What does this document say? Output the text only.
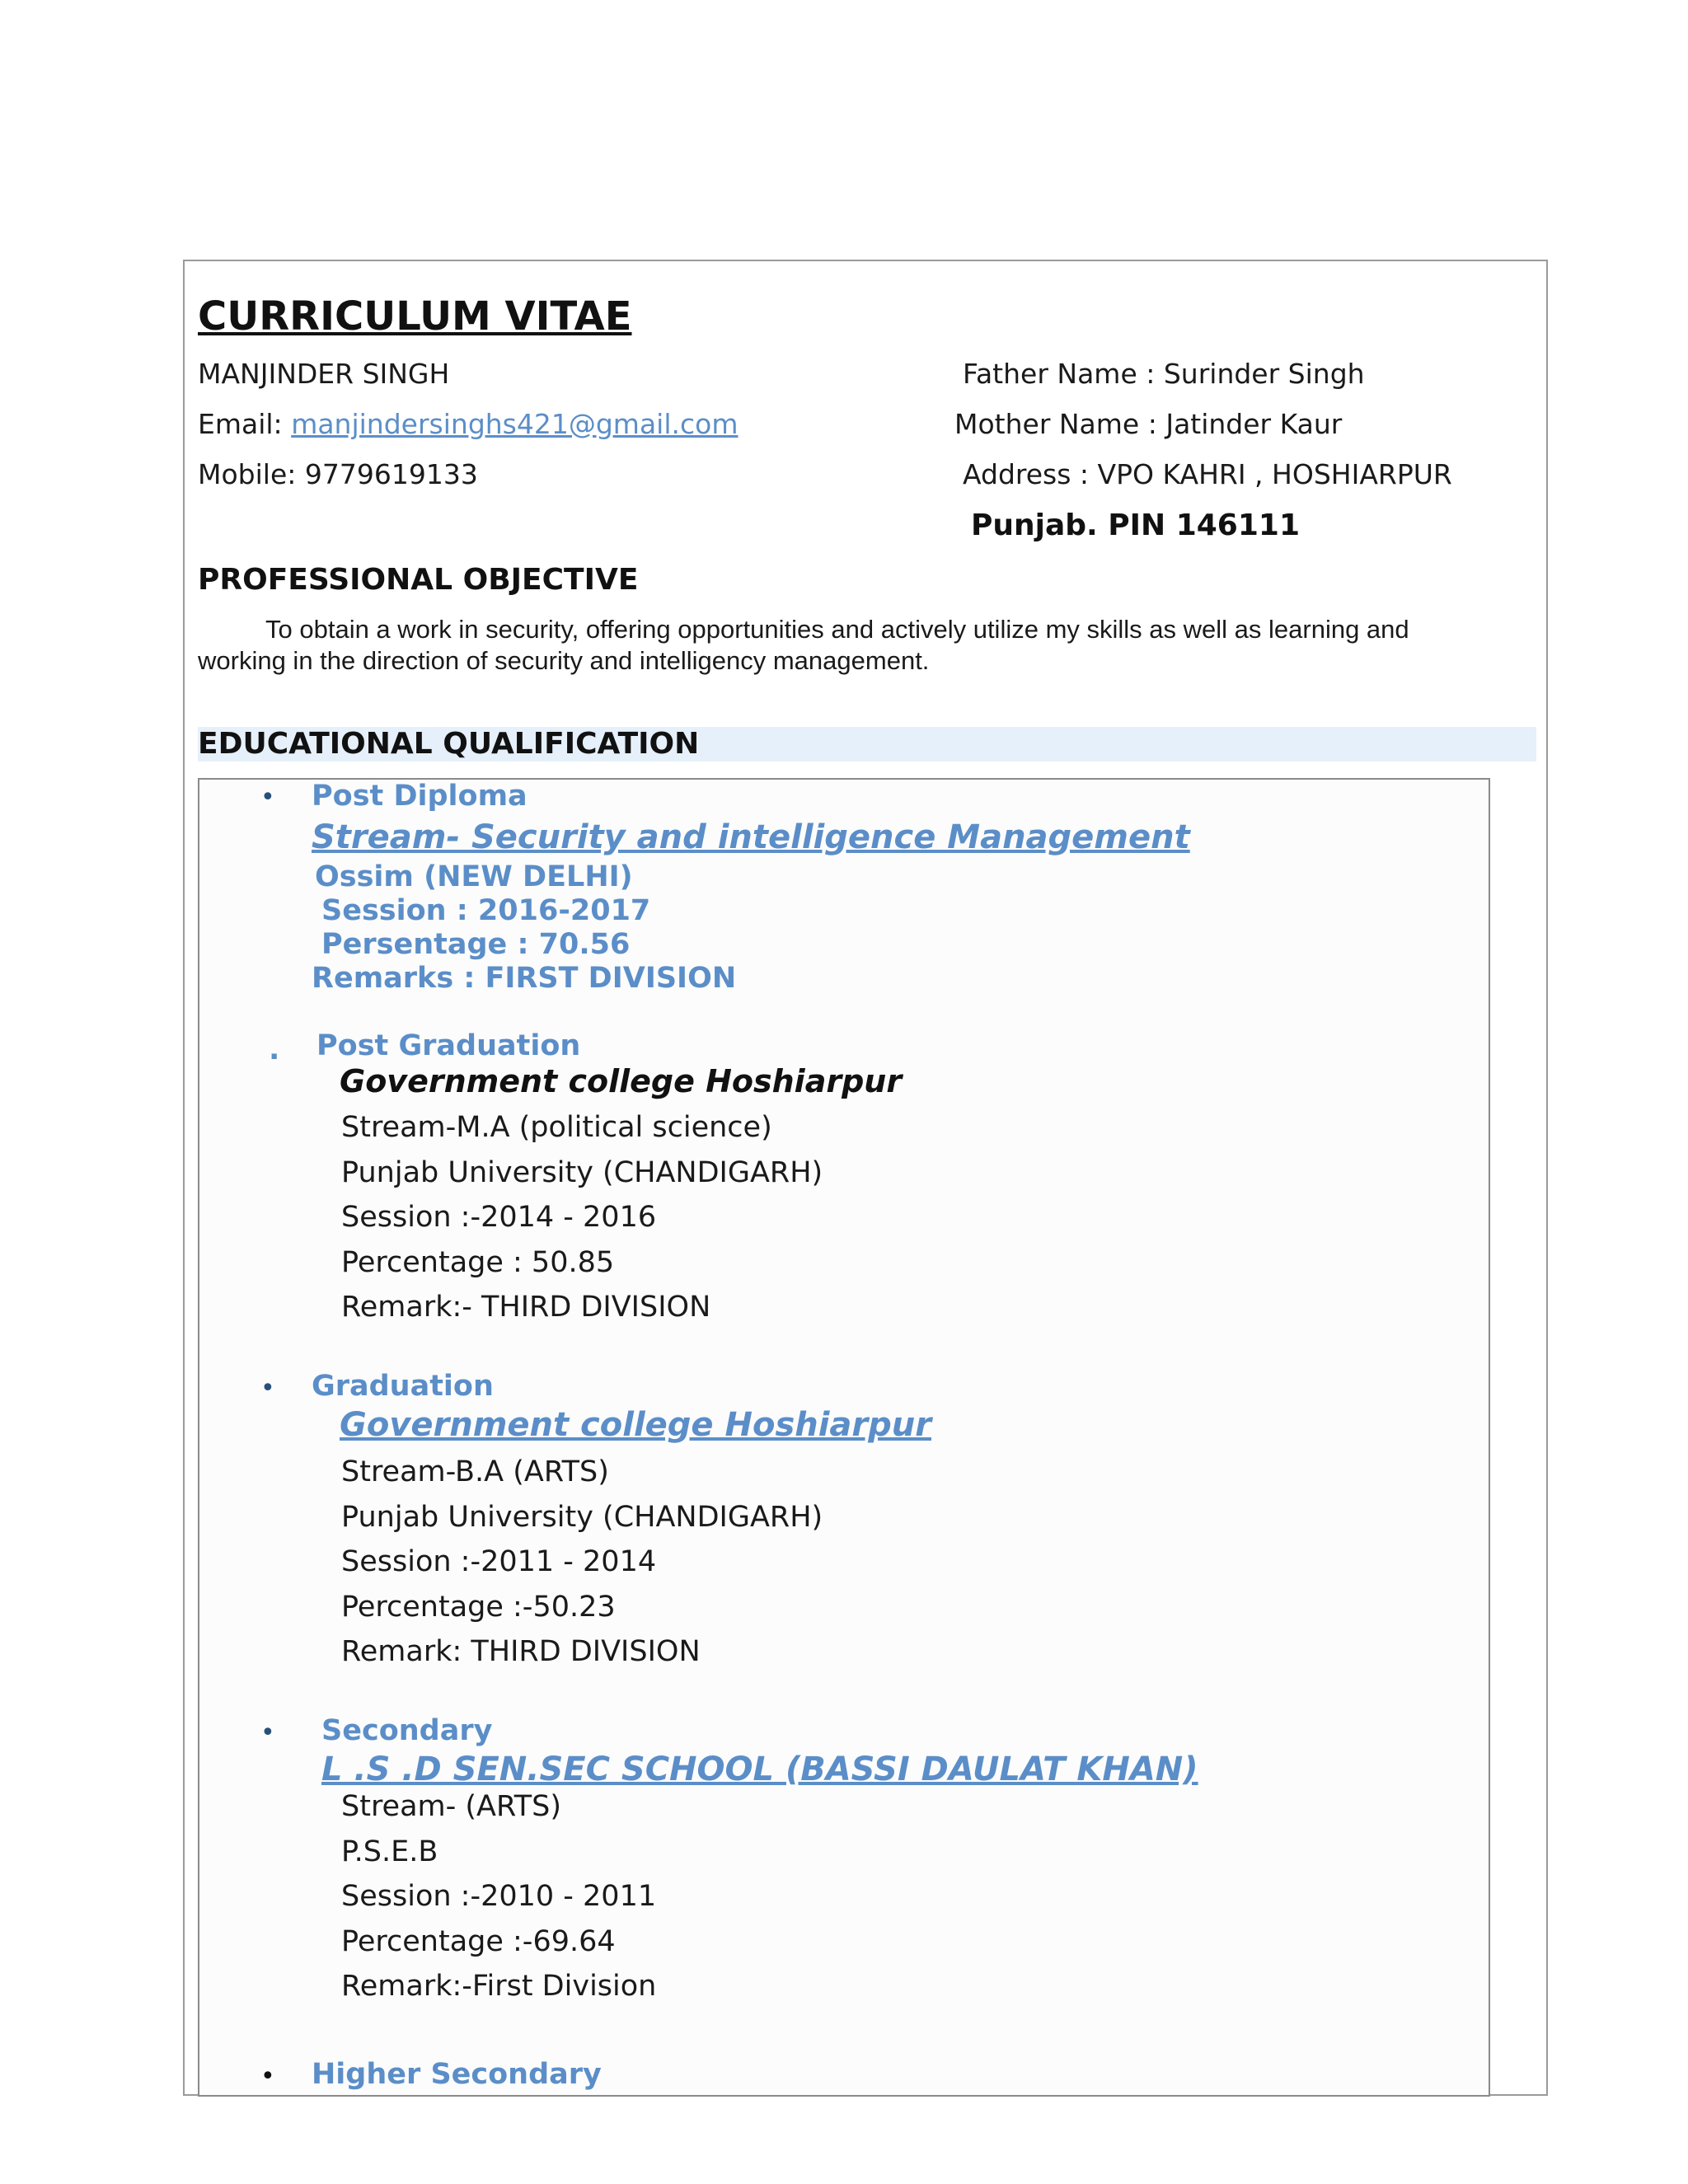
CURRICULUM VITAE
MANJINDER SINGH
Email: manjindersinghs421@gmail.com
Mobile: 9779619133
Father Name : Surinder Singh
Mother Name : Jatinder Kaur
Address : VPO KAHRI , HOSHIARPUR
Punjab. PIN 146111
PROFESSIONAL OBJECTIVE
To obtain a work in security, offering opportunities and actively utilize my skills as well as learning and
working in the direction of security and intelligency management.
EDUCATIONAL QUALIFICATION
• Post Diploma
Stream- Security and intelligence Management
Ossim (NEW DELHI)
Session : 2016-2017
Persentage : 70.56
Remarks : FIRST DIVISION
. Post Graduation
Government college Hoshiarpur
Stream-M.A (political science)
Punjab University (CHANDIGARH)
Session :-2014 - 2016
Percentage : 50.85
Remark:- THIRD DIVISION
• Graduation
Government college Hoshiarpur
Stream-B.A (ARTS)
Punjab University (CHANDIGARH)
Session :-2011 - 2014
Percentage :-50.23
Remark: THIRD DIVISION
• Secondary
L .S .D SEN.SEC SCHOOL (BASSI DAULAT KHAN)
Stream- (ARTS)
P.S.E.B
Session :-2010 - 2011
Percentage :-69.64
Remark:-First Division
• Higher Secondary
